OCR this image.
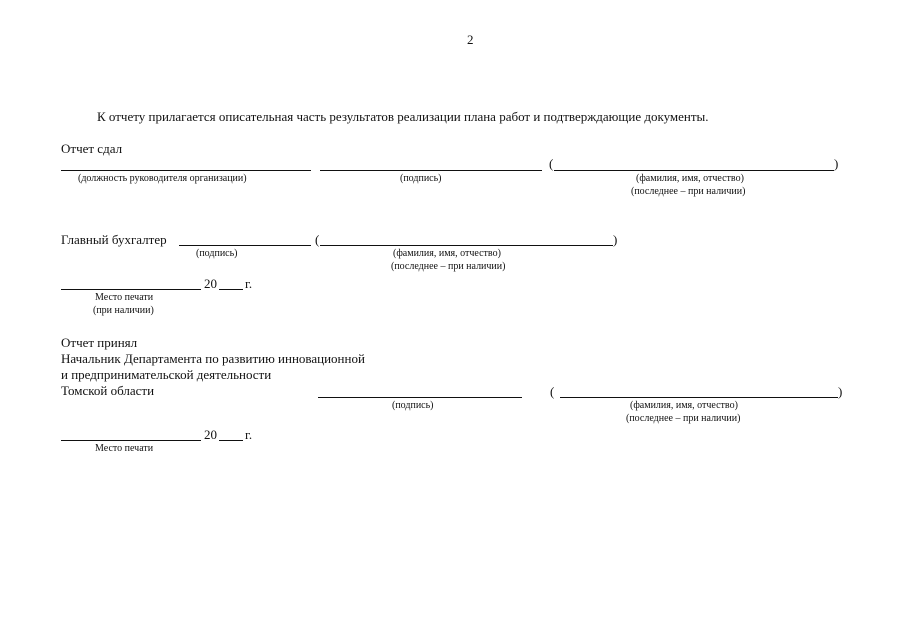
2
К отчету прилагается описательная часть результатов реализации плана работ и подтверждающие документы.
Отчет сдал
(	)
(должность руководителя организации)	(подпись)	(фамилия, имя, отчество)
(последнее – при наличии)
Главный бухгалтер	(	)
(подпись)	(фамилия, имя, отчество)
(последнее – при наличии)
20 г.
Место печати
(при наличии)
Отчет принял
Начальник Департамента по развитию инновационной
и предпринимательской деятельности
Томской области	(	)
(подпись)	(фамилия, имя, отчество)
(последнее – при наличии)
20 г.
Место печати
